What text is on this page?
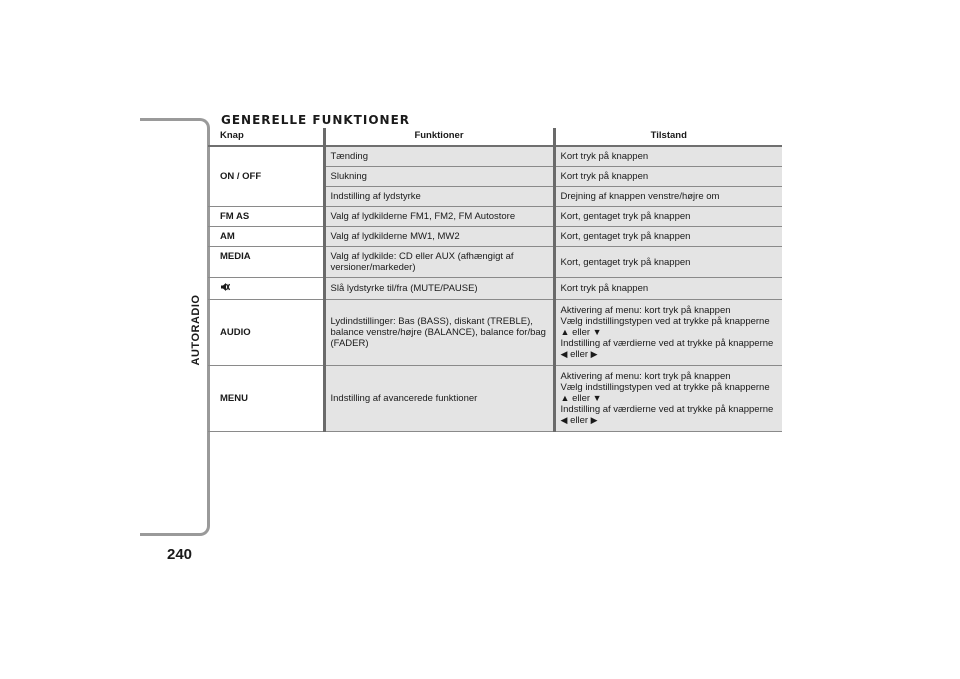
AUTORADIO
240
GENERELLE FUNKTIONER
Knap	Funktioner	Tilstand
ON / OFF	Tænding	Kort tryk på knappen
	Slukning	Kort tryk på knappen
	Indstilling af lydstyrke	Drejning af knappen venstre/højre om
FM AS	Valg af lydkilderne FM1, FM2, FM Autostore	Kort, gentaget tryk på knappen
AM	Valg af lydkilderne MW1, MW2	Kort, gentaget tryk på knappen
MEDIA	Valg af lydkilde: CD eller AUX (afhængigt af versioner/markeder)	Kort, gentaget tryk på knappen
	Slå lydstyrke til/fra (MUTE/PAUSE)	Kort tryk på knappen
AUDIO	Lydindstillinger: Bas (BASS), diskant (TREBLE), balance venstre/højre (BALANCE), balance for/bag (FADER)	Aktivering af menu: kort tryk på knappen
Vælg indstillingstypen ved at trykke på knapperne
▲ eller ▼
Indstilling af værdierne ved at trykke på knapperne
◀ eller ▶

MENU	Indstilling af avancerede funktioner	Aktivering af menu: kort tryk på knappen
Vælg indstillingstypen ved at trykke på knapperne
▲ eller ▼
Indstilling af værdierne ved at trykke på knapperne
◀ eller ▶
